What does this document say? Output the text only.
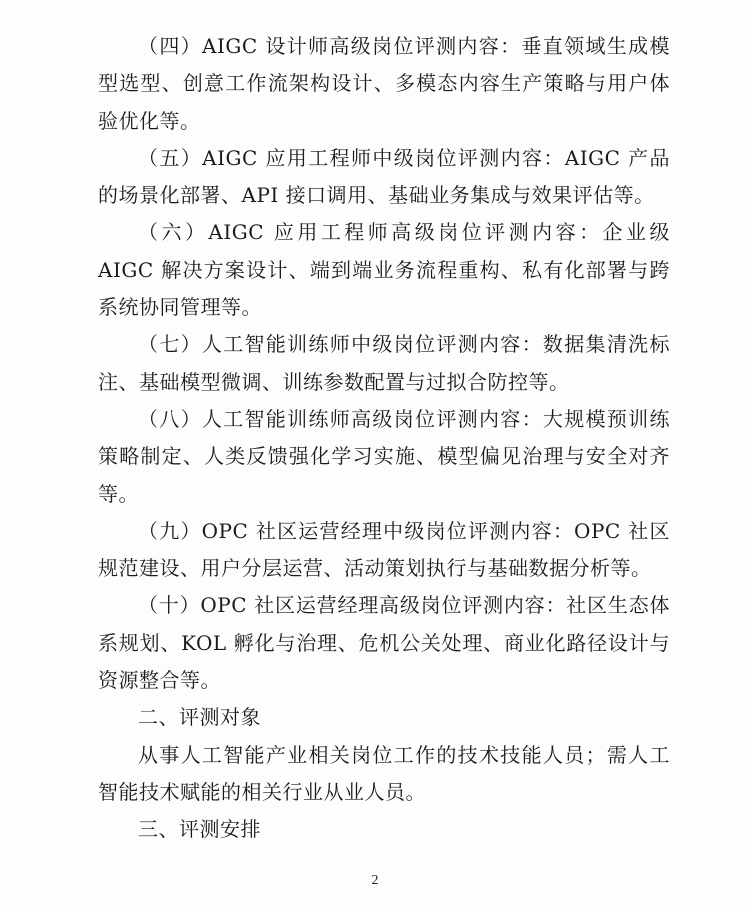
（四）AIGC 设计师高级岗位评测内容：垂直领域生成模型选型、创意工作流架构设计、多模态内容生产策略与用户体验优化等。

（五）AIGC 应用工程师中级岗位评测内容：AIGC 产品的场景化部署、API 接口调用、基础业务集成与效果评估等。

（六）AIGC 应用工程师高级岗位评测内容：企业级 AIGC 解决方案设计、端到端业务流程重构、私有化部署与跨系统协同管理等。

（七）人工智能训练师中级岗位评测内容：数据集清洗标注、基础模型微调、训练参数配置与过拟合防控等。

（八）人工智能训练师高级岗位评测内容：大规模预训练策略制定、人类反馈强化学习实施、模型偏见治理与安全对齐等。

（九）OPC 社区运营经理中级岗位评测内容：OPC 社区规范建设、用户分层运营、活动策划执行与基础数据分析等。

（十）OPC 社区运营经理高级岗位评测内容：社区生态体系规划、KOL 孵化与治理、危机公关处理、商业化路径设计与资源整合等。

二、评测对象

从事人工智能产业相关岗位工作的技术技能人员；需人工智能技术赋能的相关行业从业人员。

三、评测安排

2
